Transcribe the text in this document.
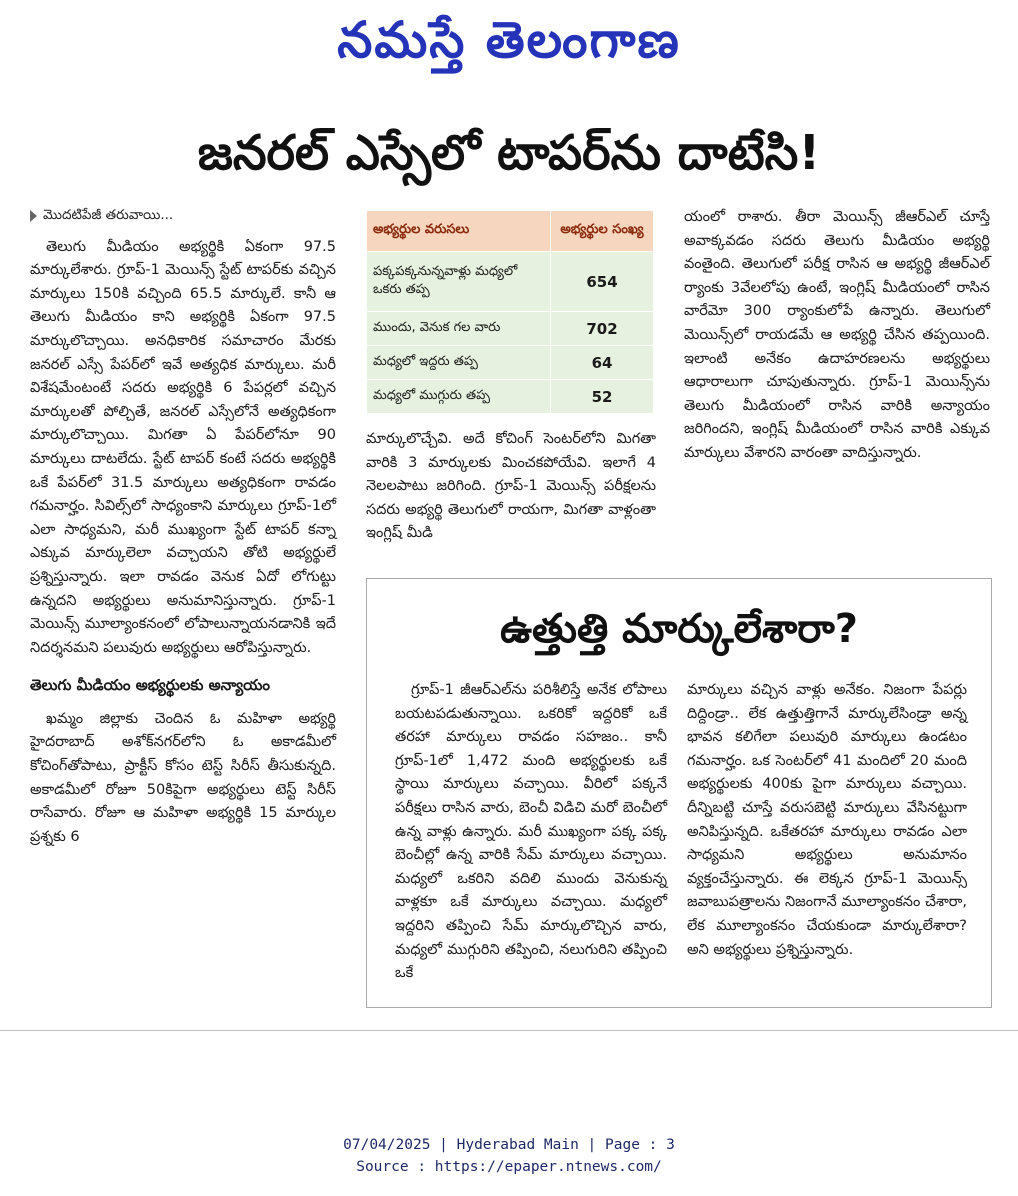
నమస్తే తెలంగాణ
జనరల్ ఎస్సేలో టాపర్‌ను దాటేసి!
మొదటిపేజీ తరువాయి...

తెలుగు మీడియం అభ్యర్థికి ఏకంగా 97.5 మార్కులేశారు. గ్రూప్-1 మెయిన్స్ స్టేట్ టాపర్‌కు వచ్చిన మార్కులు 150కి వచ్చింది 65.5 మార్కులే. కానీ ఆ తెలుగు మీడియం కాని అభ్యర్థికి ఏకంగా 97.5 మార్కులొచ్చాయి. అనధికారిక సమాచారం మేరకు జనరల్ ఎస్సే పేపర్‌లో ఇవే అత్యధిక మార్కులు. మరీ విశేషమేంటంటే సదరు అభ్యర్థికి 6 పేపర్లలో వచ్చిన మార్కులతో పోల్చితే, జనరల్ ఎస్సేలోనే అత్యధికంగా మార్కులొచ్చాయి. మిగతా ఏ పేపర్‌లోనూ 90 మార్కులు దాటలేదు. స్టేట్ టాపర్ కంటే సదరు అభ్యర్థికి ఒకే పేపర్‌లో 31.5 మార్కులు అత్యధికంగా రావడం గమనార్హం. సివిల్స్‌లో సాధ్యంకాని మార్కులు గ్రూప్-1లో ఎలా సాధ్యమని, మరీ ముఖ్యంగా స్టేట్ టాపర్ కన్నా ఎక్కువ మార్కులెలా వచ్చాయని తోటి అభ్యర్థులే ప్రశ్నిస్తున్నారు. ఇలా రావడం వెనుక ఏదో లోగుట్టు ఉన్నదని అభ్యర్థులు అనుమానిస్తున్నారు. గ్రూప్-1 మెయిన్స్ మూల్యాంకనంలో లోపాలున్నాయనడానికి ఇదే నిదర్శనమని పలువురు అభ్యర్థులు ఆరోపిస్తున్నారు.

తెలుగు మీడియం అభ్యర్థులకు అన్యాయం

ఖమ్మం జిల్లాకు చెందిన ఓ మహిళా అభ్యర్థి హైదరాబాద్ అశోక్‌నగర్‌లోని ఓ అకాడమీలో కోచింగ్‌తోపాటు, ప్రాక్టీస్ కోసం టెస్ట్ సిరీస్ తీసుకున్నది. అకాడమీలో రోజూ 50కిపైగా అభ్యర్థులు టెస్ట్ సిరీస్ రాసేవారు. రోజూ ఆ మహిళా అభ్యర్థికి 15 మార్కుల ప్రశ్నకు 6

అభ్యర్థుల వరుసలు	అభ్యర్థుల సంఖ్య
పక్కపక్కనున్నవాళ్లు మధ్యలో ఒకరు తప్ప	654
ముందు, వెనుక గల వారు	702
మధ్యలో ఇద్దరు తప్ప	64
మధ్యలో ముగ్గురు తప్ప	52

మార్కులొచ్చేవి. అదే కోచింగ్ సెంటర్‌లోని మిగతా వారికి 3 మార్కులకు మించకపోయేవి. ఇలాగే 4 నెలలపాటు జరిగింది. గ్రూప్-1 మెయిన్స్ పరీక్షలను సదరు అభ్యర్థి తెలుగులో రాయగా, మిగతా వాళ్లంతా ఇంగ్లిష్ మీడి

యంలో రాశారు. తీరా మెయిన్స్ జీఆర్‌ఎల్ చూస్తే అవాక్కవడం సదరు తెలుగు మీడియం అభ్యర్థి వంతైంది. తెలుగులో పరీక్ష రాసిన ఆ అభ్యర్థి జీఆర్‌ఎల్ ర్యాంకు 3వేలలోపు ఉంటే, ఇంగ్లిష్ మీడియంలో రాసిన వారేమో 300 ర్యాంకులోపే ఉన్నారు. తెలుగులో మెయిన్స్‌లో రాయడమే ఆ అభ్యర్థి చేసిన తప్పయింది. ఇలాంటి అనేకం ఉదాహరణలను అభ్యర్థులు ఆధారాలుగా చూపుతున్నారు. గ్రూప్-1 మెయిన్స్‌ను తెలుగు మీడియంలో రాసిన వారికి అన్యాయం జరిగిందని, ఇంగ్లిష్ మీడియంలో రాసిన వారికి ఎక్కువ మార్కులు వేశారని వారంతా వాదిస్తున్నారు.

ఉత్తుత్తి మార్కులేశారా?

గ్రూప్-1 జీఆర్‌ఎల్‌ను పరిశీలిస్తే అనేక లోపాలు బయటపడుతున్నాయి. ఒకరికో ఇద్దరికో ఒకే తరహా మార్కులు రావడం సహజం.. కానీ గ్రూప్-1లో 1,472 మంది అభ్యర్థులకు ఒకే స్థాయి మార్కులు వచ్చాయి. వీరిలో పక్కనే పరీక్షలు రాసిన వారు, బెంచీ విడిచి మరో బెంచీలో ఉన్న వాళ్లు ఉన్నారు. మరీ ముఖ్యంగా పక్క పక్క బెంచీల్లో ఉన్న వారికి సేమ్ మార్కులు వచ్చాయి. మధ్యలో ఒకరిని వదిలి ముందు వెనుకున్న వాళ్లకూ ఒకే మార్కులు వచ్చాయి. మధ్యలో ఇద్దరిని తప్పించి సేమ్ మార్కులొచ్చిన వారు, మధ్యలో ముగ్గురిని తప్పించి, నలుగురిని తప్పించి ఒకే

మార్కులు వచ్చిన వాళ్లు అనేకం. నిజంగా పేపర్లు దిద్దిండ్రా.. లేక ఉత్తుత్తిగానే మార్కులేసిండ్రా అన్న భావన కలిగేలా పలువురి మార్కులు ఉండటం గమనార్హం. ఒక సెంటర్‌లో 41 మందిలో 20 మంది అభ్యర్థులకు 400కు పైగా మార్కులు వచ్చాయి. దీన్నిబట్టి చూస్తే వరుసబెట్టి మార్కులు వేసినట్టుగా అనిపిస్తున్నది. ఒకేతరహా మార్కులు రావడం ఎలా సాధ్యమని అభ్యర్థులు అనుమానం వ్యక్తంచేస్తున్నారు. ఈ లెక్కన గ్రూప్-1 మెయిన్స్ జవాబుపత్రాలను నిజంగానే మూల్యాంకనం చేశారా, లేక మూల్యాంకనం చేయకుండా మార్కులేశారా? అని అభ్యర్థులు ప్రశ్నిస్తున్నారు.

07/04/2025 | Hyderabad Main | Page : 3
Source : https://epaper.ntnews.com/
